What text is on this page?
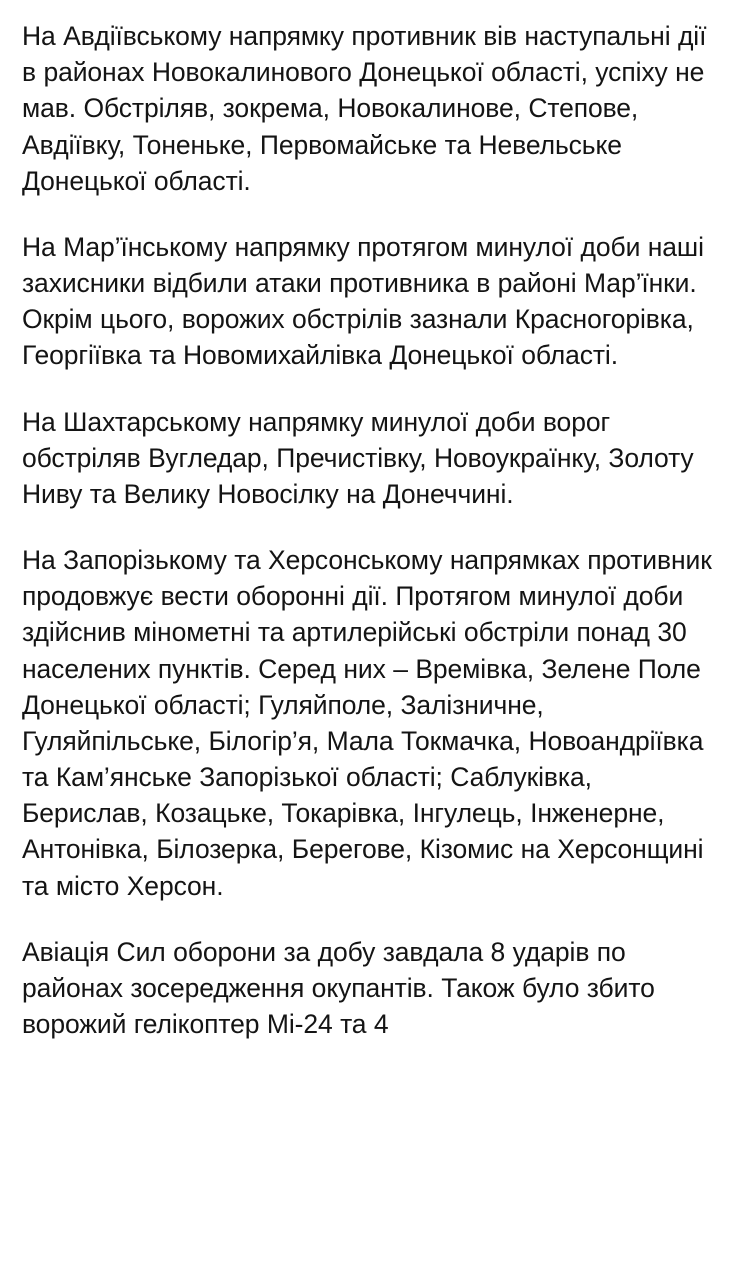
На Авдіївському напрямку противник вів наступальні дії в районах Новокалинового Донецької області, успіху не мав. Обстріляв, зокрема, Новокалинове, Степове, Авдіївку, Тоненьке, Первомайське та Невельське Донецької області.

На Мар’їнському напрямку протягом минулої доби наші захисники відбили атаки противника в районі Мар’їнки. Окрім цього, ворожих обстрілів зазнали Красногорівка, Георгіївка та Новомихайлівка Донецької області.

На Шахтарському напрямку минулої доби ворог обстріляв Вугледар, Пречистівку, Новоукраїнку, Золоту Ниву та Велику Новосілку на Донеччині.

На Запорізькому та Херсонському напрямках противник продовжує вести оборонні дії. Протягом минулої доби здійснив мінометні та артилерійські обстріли понад 30 населених пунктів. Серед них – Времівка, Зелене Поле Донецької області; Гуляйполе, Залізничне, Гуляйпільське, Білогір’я, Мала Токмачка, Новоандріївка та Кам’янське Запорізької області; Саблуківка, Берислав, Козацьке, Токарівка, Інгулець, Інженерне, Антонівка, Білозерка, Берегове, Кізомис на Херсонщині та місто Херсон.

Авіація Сил оборони за добу завдала 8 ударів по районах зосередження окупантів. Також було збито ворожий гелікоптер Мі-24 та 4
